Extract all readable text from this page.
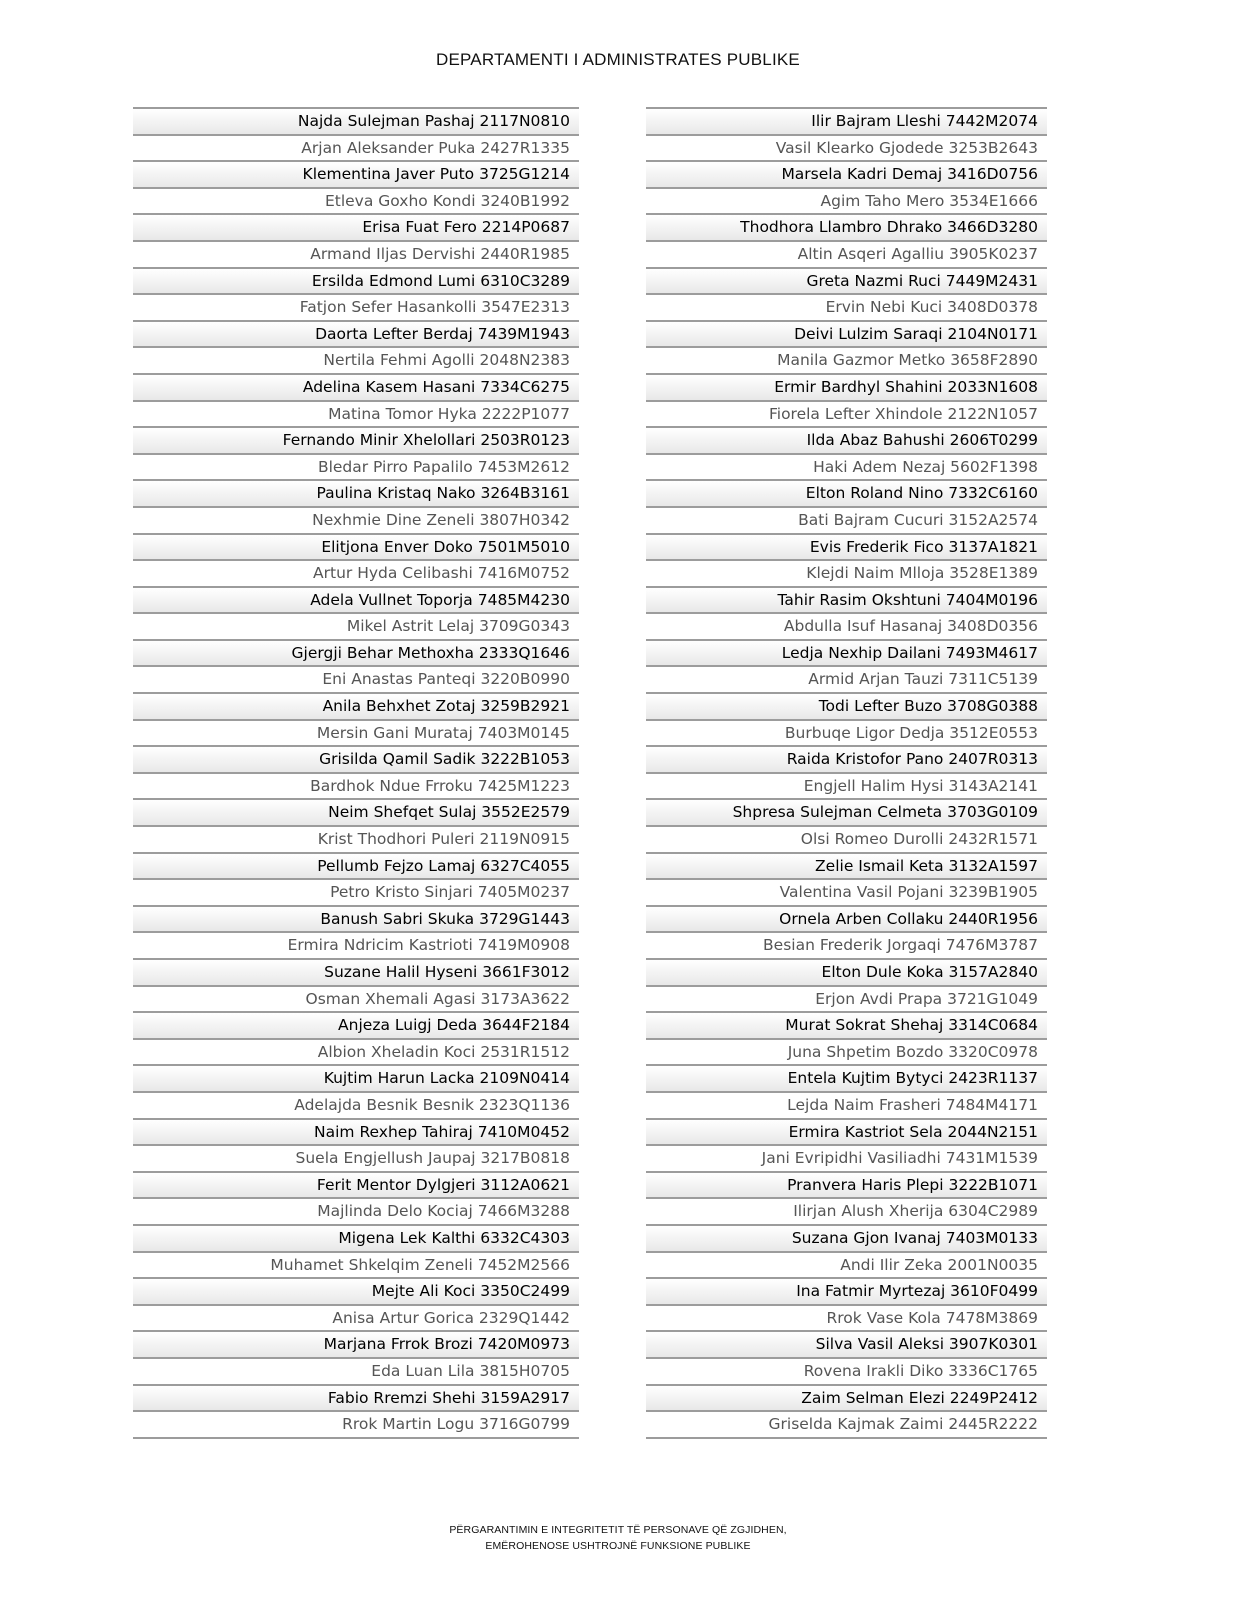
DEPARTAMENTI I ADMINISTRATES PUBLIKE
Najda Sulejman Pashaj 2117N0810
Arjan Aleksander Puka 2427R1335
Klementina Javer Puto 3725G1214
Etleva Goxho Kondi 3240B1992
Erisa Fuat Fero 2214P0687
Armand Iljas Dervishi 2440R1985
Ersilda Edmond Lumi 6310C3289
Fatjon Sefer Hasankolli 3547E2313
Daorta Lefter Berdaj 7439M1943
Nertila Fehmi Agolli 2048N2383
Adelina Kasem Hasani 7334C6275
Matina Tomor Hyka 2222P1077
Fernando Minir Xhelollari 2503R0123
Bledar Pirro Papalilo 7453M2612
Paulina Kristaq Nako 3264B3161
Nexhmie Dine Zeneli 3807H0342
Elitjona Enver Doko 7501M5010
Artur Hyda Celibashi 7416M0752
Adela Vullnet Toporja 7485M4230
Mikel Astrit Lelaj 3709G0343
Gjergji Behar Methoxha 2333Q1646
Eni Anastas Panteqi 3220B0990
Anila Behxhet Zotaj 3259B2921
Mersin Gani Murataj 7403M0145
Grisilda Qamil Sadik 3222B1053
Bardhok Ndue Frroku 7425M1223
Neim Shefqet Sulaj 3552E2579
Krist Thodhori Puleri 2119N0915
Pellumb Fejzo Lamaj 6327C4055
Petro Kristo Sinjari 7405M0237
Banush Sabri Skuka 3729G1443
Ermira Ndricim Kastrioti 7419M0908
Suzane Halil Hyseni 3661F3012
Osman Xhemali Agasi 3173A3622
Anjeza Luigj Deda 3644F2184
Albion Xheladin Koci 2531R1512
Kujtim Harun Lacka 2109N0414
Adelajda Besnik Besnik 2323Q1136
Naim Rexhep Tahiraj 7410M0452
Suela Engjellush Jaupaj 3217B0818
Ferit Mentor Dylgjeri 3112A0621
Majlinda Delo Kociaj 7466M3288
Migena Lek Kalthi 6332C4303
Muhamet Shkelqim Zeneli 7452M2566
Mejte Ali Koci 3350C2499
Anisa Artur Gorica 2329Q1442
Marjana Frrok Brozi 7420M0973
Eda Luan Lila 3815H0705
Fabio Rremzi Shehi 3159A2917
Rrok Martin Logu 3716G0799
Ilir Bajram Lleshi 7442M2074
Vasil Klearko Gjodede 3253B2643
Marsela Kadri Demaj 3416D0756
Agim Taho Mero 3534E1666
Thodhora Llambro Dhrako 3466D3280
Altin Asqeri Agalliu 3905K0237
Greta Nazmi Ruci 7449M2431
Ervin Nebi Kuci 3408D0378
Deivi Lulzim Saraqi 2104N0171
Manila Gazmor Metko 3658F2890
Ermir Bardhyl Shahini 2033N1608
Fiorela Lefter Xhindole 2122N1057
Ilda Abaz Bahushi 2606T0299
Haki Adem Nezaj 5602F1398
Elton Roland Nino 7332C6160
Bati Bajram Cucuri 3152A2574
Evis Frederik Fico 3137A1821
Klejdi Naim Mlloja 3528E1389
Tahir Rasim Okshtuni 7404M0196
Abdulla Isuf Hasanaj 3408D0356
Ledja Nexhip Dailani 7493M4617
Armid Arjan Tauzi 7311C5139
Todi Lefter Buzo 3708G0388
Burbuqe Ligor Dedja 3512E0553
Raida Kristofor Pano 2407R0313
Engjell Halim Hysi 3143A2141
Shpresa Sulejman Celmeta 3703G0109
Olsi Romeo Durolli 2432R1571
Zelie Ismail Keta 3132A1597
Valentina Vasil Pojani 3239B1905
Ornela Arben Collaku 2440R1956
Besian Frederik Jorgaqi 7476M3787
Elton Dule Koka 3157A2840
Erjon Avdi Prapa 3721G1049
Murat Sokrat Shehaj 3314C0684
Juna Shpetim Bozdo 3320C0978
Entela Kujtim Bytyci 2423R1137
Lejda Naim Frasheri 7484M4171
Ermira Kastriot Sela 2044N2151
Jani Evripidhi Vasiliadhi 7431M1539
Pranvera Haris Plepi 3222B1071
Ilirjan Alush Xherija 6304C2989
Suzana Gjon Ivanaj 7403M0133
Andi Ilir Zeka 2001N0035
Ina Fatmir Myrtezaj 3610F0499
Rrok Vase Kola 7478M3869
Silva Vasil Aleksi 3907K0301
Rovena Irakli Diko 3336C1765
Zaim Selman Elezi 2249P2412
Griselda Kajmak Zaimi 2445R2222
PËRGARANTIMIN E INTEGRITETIT TË PERSONAVE QË ZGJIDHEN,
EMËROHENOSE USHTROJNË FUNKSIONE PUBLIKE
